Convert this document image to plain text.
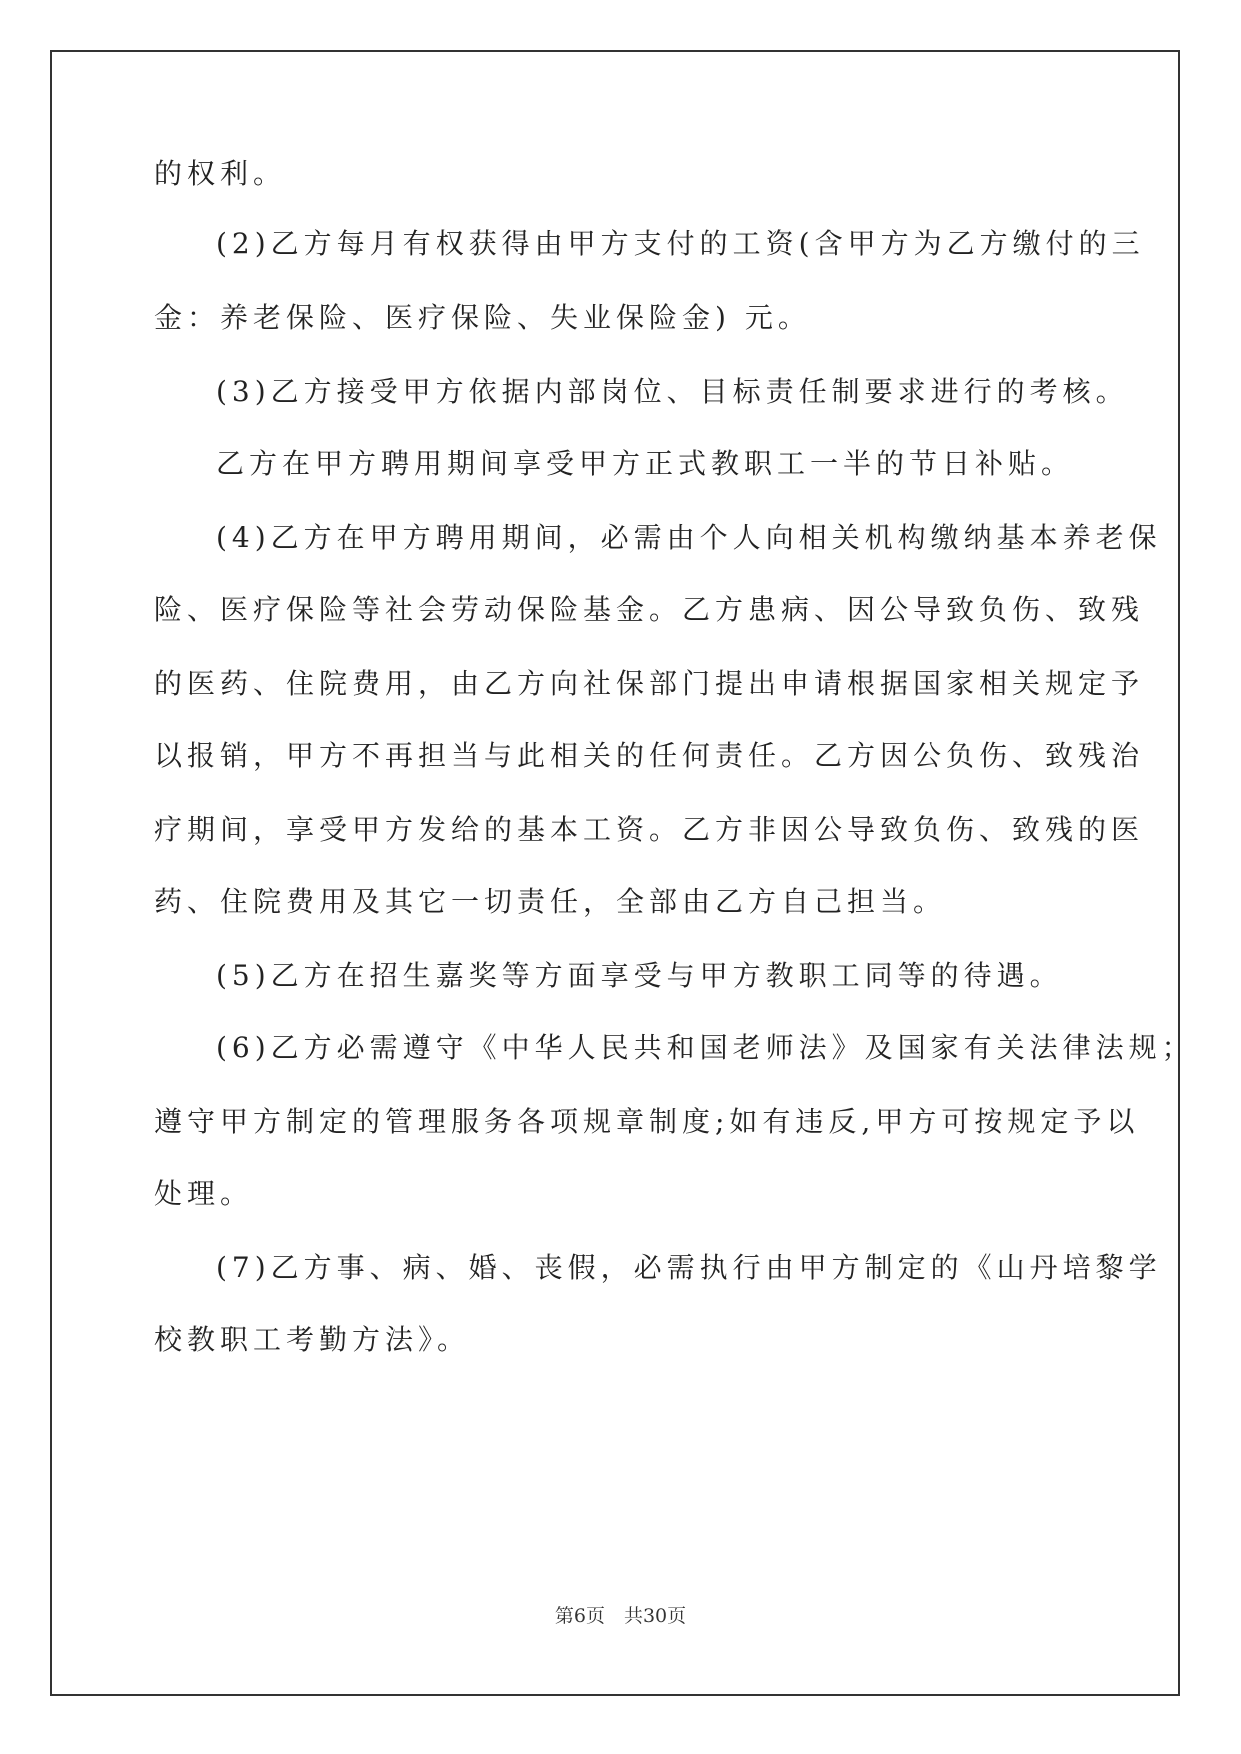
的权利。
(2)乙方每月有权获得由甲方支付的工资(含甲方为乙方缴付的三
金：养老保险、医疗保险、失业保险金) 元。
(3)乙方接受甲方依据内部岗位、目标责任制要求进行的考核。
乙方在甲方聘用期间享受甲方正式教职工一半的节日补贴。
(4)乙方在甲方聘用期间，必需由个人向相关机构缴纳基本养老保
险、医疗保险等社会劳动保险基金。乙方患病、因公导致负伤、致残
的医药、住院费用，由乙方向社保部门提出申请根据国家相关规定予
以报销，甲方不再担当与此相关的任何责任。乙方因公负伤、致残治
疗期间，享受甲方发给的基本工资。乙方非因公导致负伤、致残的医
药、住院费用及其它一切责任，全部由乙方自己担当。
(5)乙方在招生嘉奖等方面享受与甲方教职工同等的待遇。
(6)乙方必需遵守《中华人民共和国老师法》及国家有关法律法规；
遵守甲方制定的管理服务各项规章制度;如有违反,甲方可按规定予以
处理。
(7)乙方事、病、婚、丧假，必需执行由甲方制定的《山丹培黎学
校教职工考勤方法》。
第6页　共30页
